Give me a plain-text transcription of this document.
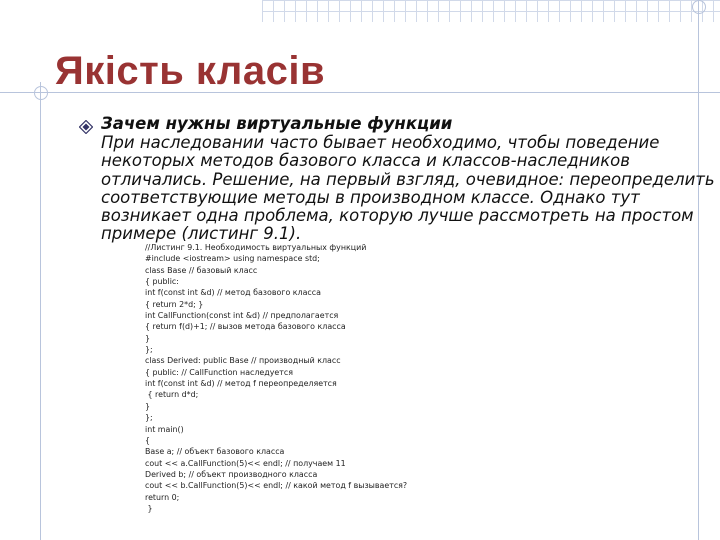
Якість класів

Зачем нужны виртуальные функции

При наследовании часто бывает необходимо, чтобы поведение
некоторых методов базового класса и классов-наследников
отличались. Решение, на первый взгляд, очевидное: переопределить
соответствующие методы в производном классе. Однако тут
возникает одна проблема, которую лучше рассмотреть на простом
примере (листинг 9.1).
//Листинг 9.1. Необходимость виртуальных функций
#include <iostream> using namespace std;
class Base // базовый класс
{ public:
int f(const int &d) // метод базового класса
{ return 2*d; }
int CallFunction(const int &d) // предполагается
{ return f(d)+1; // вызов метода базового класса
}
};
class Derived: public Base // производный класс
{ public: // CallFunction наследуется
int f(const int &d) // метод f переопределяется
{ return d*d;
}
};
int main()
{
Base a; // объект базового класса
cout << a.CallFunction(5)<< endl; // получаем 11
Derived b; // объект производного класса
cout << b.CallFunction(5)<< endl; // какой метод f вызывается?
return 0;
}
